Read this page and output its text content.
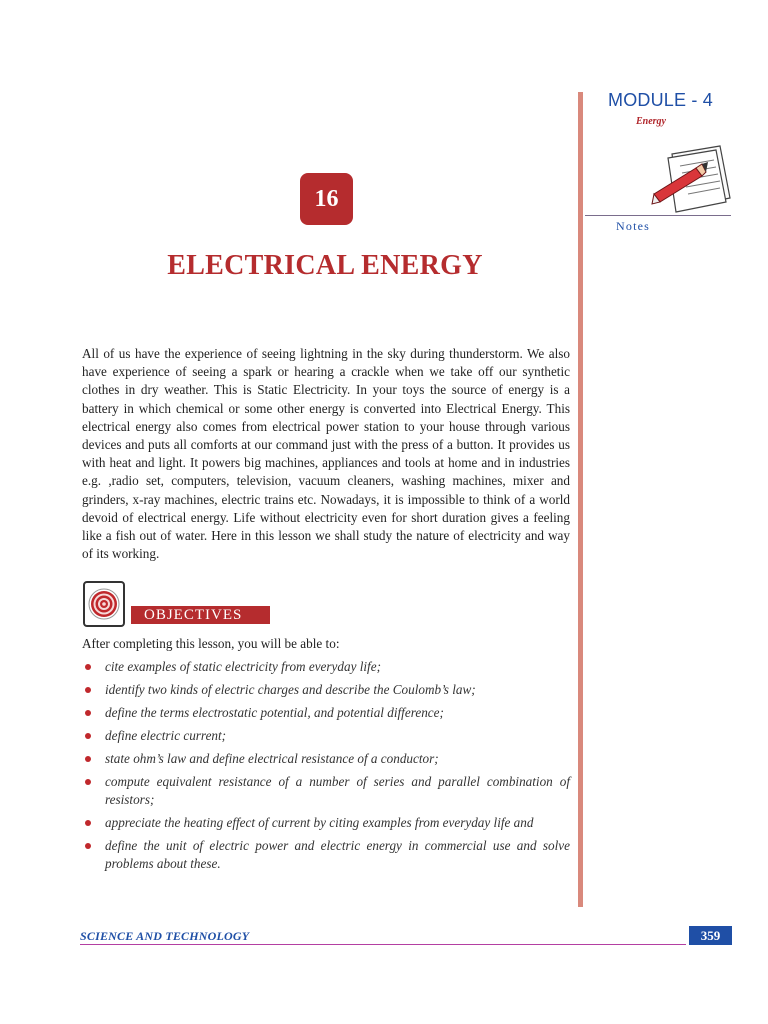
MODULE - 4
Energy
Notes
16
ELECTRICAL ENERGY
All of us have the experience of seeing lightning in the sky during thunderstorm. We also have experience of seeing a spark or hearing a crackle when we take off our synthetic clothes in dry weather. This is Static Electricity. In your toys the source of energy is a battery in which chemical or some other energy is converted into Electrical Energy. This electrical energy also comes from electrical power station to your house through various devices and puts all comforts at our command just with the press of a button. It provides us with heat and light. It powers big machines, appliances and tools at home and in industries e.g. ,radio set, computers, television, vacuum cleaners, washing machines, mixer and grinders, x-ray machines, electric trains etc. Nowadays, it is impossible to think of a world devoid of electrical energy. Life without electricity even for short duration gives a feeling like a fish out of water. Here in this lesson we shall study the nature of electricity and way of its working.
OBJECTIVES
After completing this lesson, you will be able to:
cite examples of static electricity from everyday life;
identify two kinds of electric charges and describe the Coulomb’s law;
define the terms electrostatic potential, and potential difference;
define electric current;
state ohm’s law and define electrical resistance of a conductor;
compute equivalent resistance of a number of series and parallel combination of resistors;
appreciate the heating effect of current by citing examples from everyday life and
define the unit of electric power and electric energy in commercial use and solve problems about these.
SCIENCE AND TECHNOLOGY	359
